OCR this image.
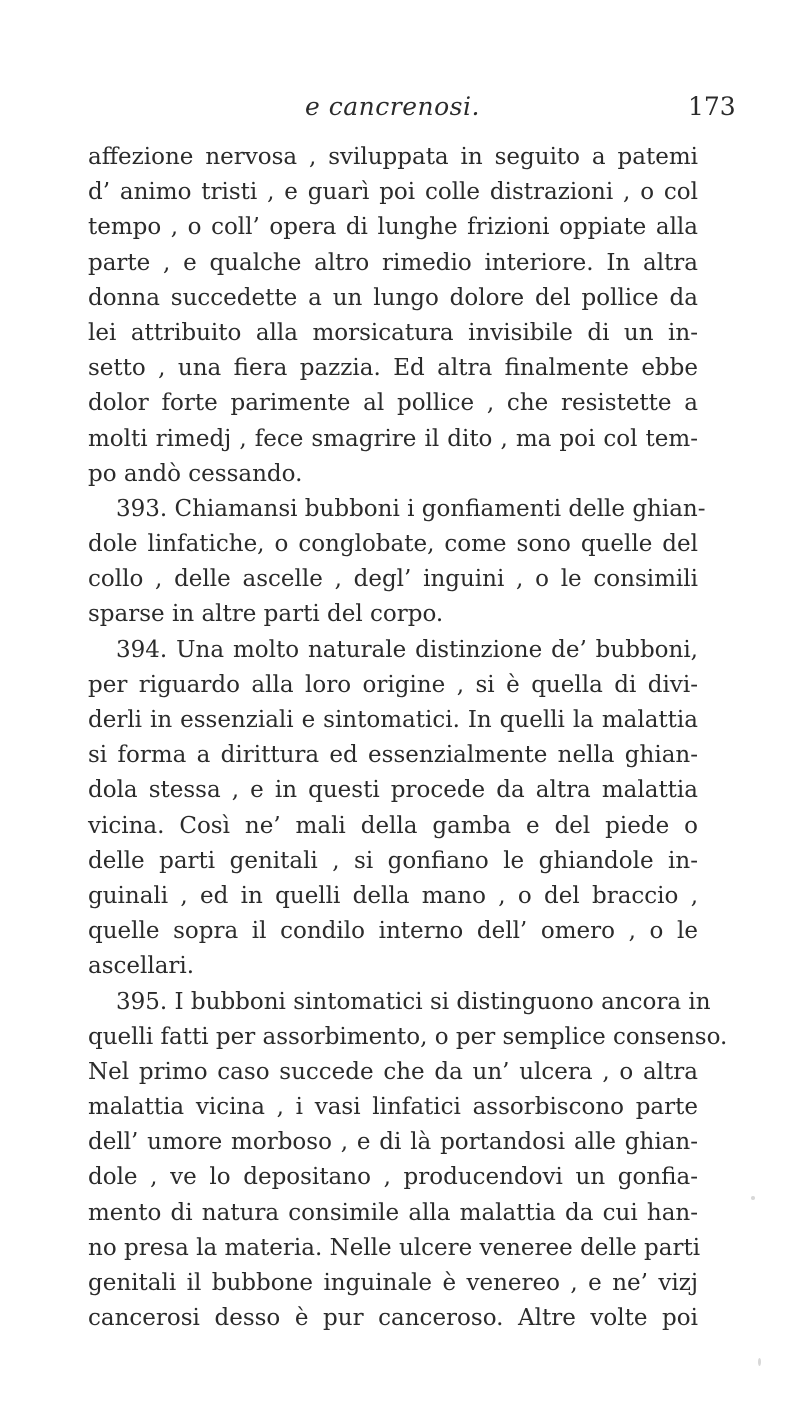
e cancrenosi.	173
affezione nervosa , sviluppata in seguito a patemi
d’ animo tristi , e guarì poi colle distrazioni , o col
tempo , o coll’ opera di lunghe frizioni oppiate alla
parte , e qualche altro rimedio interiore. In altra
donna succedette a un lungo dolore del pollice da
lei attribuito alla morsicatura invisibile di un in-
setto , una fiera pazzia. Ed altra finalmente ebbe
dolor forte parimente al pollice , che resistette a
molti rimedj , fece smagrire il dito , ma poi col tem-
po andò cessando.
393. Chiamansi bubboni i gonfiamenti delle ghian-
dole linfatiche, o conglobate, come sono quelle del
collo , delle ascelle , degl’ inguini , o le consimili
sparse in altre parti del corpo.
394. Una molto naturale distinzione de’ bubboni,
per riguardo alla loro origine , si è quella di divi-
derli in essenziali e sintomatici. In quelli la malattia
si forma a dirittura ed essenzialmente nella ghian-
dola stessa , e in questi procede da altra malattia
vicina. Così ne’ mali della gamba e del piede o
delle parti genitali , si gonfiano le ghiandole in-
guinali , ed in quelli della mano , o del braccio ,
quelle sopra il condilo interno dell’ omero , o le
ascellari.
395. I bubboni sintomatici si distinguono ancora in
quelli fatti per assorbimento, o per semplice consenso.
Nel primo caso succede che da un’ ulcera , o altra
malattia vicina , i vasi linfatici assorbiscono parte
dell’ umore morboso , e di là portandosi alle ghian-
dole , ve lo depositano , producendovi un gonfia-
mento di natura consimile alla malattia da cui han-
no presa la materia. Nelle ulcere veneree delle parti
genitali il bubbone inguinale è venereo , e ne’ vizj
cancerosi desso è pur canceroso. Altre volte poi
